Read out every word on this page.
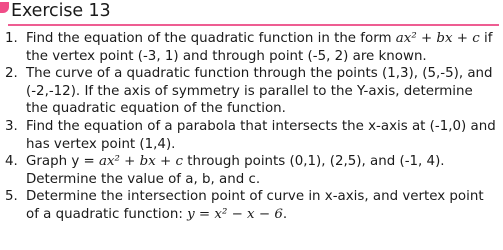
Exercise 13
1. Find the equation of the quadratic function in the form ax² + bx + c if the vertex point (-3, 1) and through point (-5, 2) are known.
2. The curve of a quadratic function through the points (1,3), (5,-5), and (-2,-12). If the axis of symmetry is parallel to the Y-axis, determine the quadratic equation of the function.
3. Find the equation of a parabola that intersects the x-axis at (-1,0) and has vertex point (1,4).
4. Graph y = ax² + bx + c through points (0,1), (2,5), and (-1, 4). Determine the value of a, b, and c.
5. Determine the intersection point of curve in x-axis, and vertex point of a quadratic function: y = x² − x − 6.
